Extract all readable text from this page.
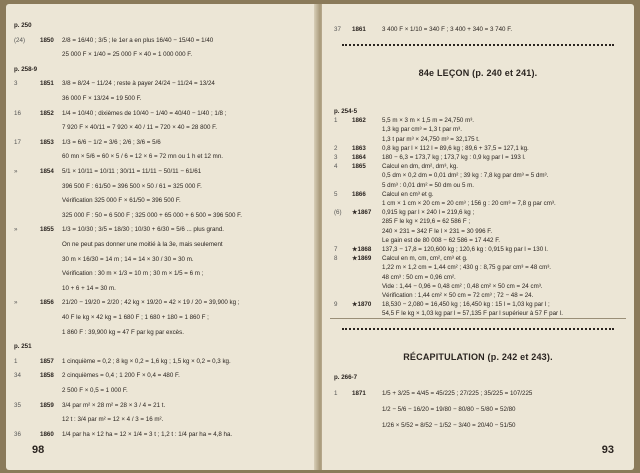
98
p. 250
(24) 1850 2/8 = 16/40 ; 3/5 ; le 1er a en plus 16/40 − 15/40 = 1/40
25 000 F × 1/40 = 25 000 F × 40 = 1 000 000 F.
p. 258-9
3	1851 3/8 = 8/24 − 11/24 ; reste à payer 24/24 − 11/24 = 13/24
36 000 F × 13/24 = 19 500 F.
16	1852 1/4 = 10/40 ; dixièmes de 10/40 − 1/40 = 40/40 − 1/40 ; 1/8 ;
7 920 F × 40/11 = 7 920 × 40 / 11 = 720 × 40 = 28 800 F.
17	1853 1/3 = 6/6 − 1/2 = 3/6 ; 2/6 ; 3/6 = 5/6
60 mn × 5/6 = 60 × 5 / 6 = 12 × 6 = 72 mn ou 1 h et 12 mn.
»	1854 5/1 × 10/11 = 10/11 ; 30/11 = 11/11 − 50/11 − 61/61
396 500 F : 61/50 = 396 500 × 50 / 61 = 325 000 F.
Vérification 325 000 F × 61/50 = 396 500 F.
325 000 F : 50 = 6 500 F ; 325 000 + 65 000 + 6 500 = 396 500 F.
»	1855 1/3 = 10/30 ; 3/5 = 18/30 ; 10/30 + 6/30 = 5/6 ... plus grand.
On ne peut pas donner une moitié à la 3e, mais seulement
30 m × 16/30 = 14 m ; 14 = 14 × 30 / 30 = 30 m.
Vérification : 30 m × 1/3 = 10 m ; 30 m × 1/5 = 6 m ;
10 + 6 + 14 = 30 m.
»	1856 21/20 − 19/20 = 2/20 ; 42 kg × 19/20 = 42 × 19 / 20 = 39,900 kg ;
40 F le kg × 42 kg = 1 680 F ; 1 680 + 180 = 1 860 F ;
1 860 F : 39,900 kg = 47 F par kg par excès.
p. 251
1	1857 1 cinquième = 0,2 ; 8 kg × 0,2 = 1,6 kg ; 1,5 kg × 0,2 = 0,3 kg.
34	1858 2 cinquièmes = 0,4 ; 1 200 F × 0,4 = 480 F.
2 500 F × 0,5 = 1 000 F.
35	1859 3/4 par m² × 28 m² = 28 × 3 / 4 = 21 t.
12 t : 3/4 par m² = 12 × 4 / 3 = 16 m².
36	1860 1/4 par ha × 12 ha = 12 × 1/4 = 3 t ; 1,2 t : 1/4 par ha = 4,8 ha.
84e LEÇON (p. 240 et 241).
RÉCAPITULATION (p. 242 et 243).
93
37 1861	3 400 F × 1/10 = 340 F ; 3 400 + 340 = 3 740 F.
p. 254-5
1 1862	5,5 m × 3 m × 1,5 m = 24,750 m³.
1,3 kg par cm³ = 1,3 t par m³.
1,3 t par m³ × 24,750 m³ = 32,175 t.
2 1863	0,8 kg par l × 112 l = 89,6 kg ; 89,6 + 37,5 = 127,1 kg.
3 1864	180 − 6,3 = 173,7 kg ; 173,7 kg : 0,9 kg par l = 193 l.
4 1865	Calcul en dm, dm², dm³, kg.
0,5 dm × 0,2 dm = 0,01 dm² ; 39 kg : 7,8 kg par dm³ = 5 dm³.
5 dm³ : 0,01 dm² = 50 dm ou 5 m.
5 1866	Calcul en cm³ et g.
1 cm × 1 cm × 20 cm = 20 cm³ ; 156 g : 20 cm³ = 7,8 g par cm³.
(6) ★1867 0,915 kg par l × 240 l = 219,6 kg ;
285 F le kg × 219,6 = 62 586 F ;
240 × 231 = 342 F le l × 231 = 30 996 F.
Le gain est de 80 008 − 62 586 = 17 442 F.
7 ★1868 137,3 − 17,8 = 120,600 kg ; 120,6 kg : 0,915 kg par l = 130 l.
8 ★1869 Calcul en m, cm, cm², cm³ et g.
1,22 m × 1,2 cm = 1,44 cm² ; 430 g : 8,75 g par cm³ = 48 cm³.
48 cm³ : 50 cm = 0,96 cm².
Vide : 1,44 − 0,96 = 0,48 cm² ; 0,48 cm² × 50 cm = 24 cm³.
Vérification : 1,44 cm² × 50 cm = 72 cm³ ; 72 − 48 = 24.
9 ★1870 18,530 − 2,080 = 16,450 kg ; 16,450 kg : 15 l = 1,03 kg par l ;
54,5 F le kg × 1,03 kg par l = 57,135 F par l supérieur à 57 F par l.
p. 266-7
1 1871	1/5 + 3/25 = 4/45 = 45/225 ; 27/225 ; 35/225 = 107/225
1/2 − 5/6 − 16/20 = 19/80 − 80/80 − 5/80 = 52/80
1/26 × 5/52 = 8/52 − 1/52 − 3/40 = 20/40 − 51/50
